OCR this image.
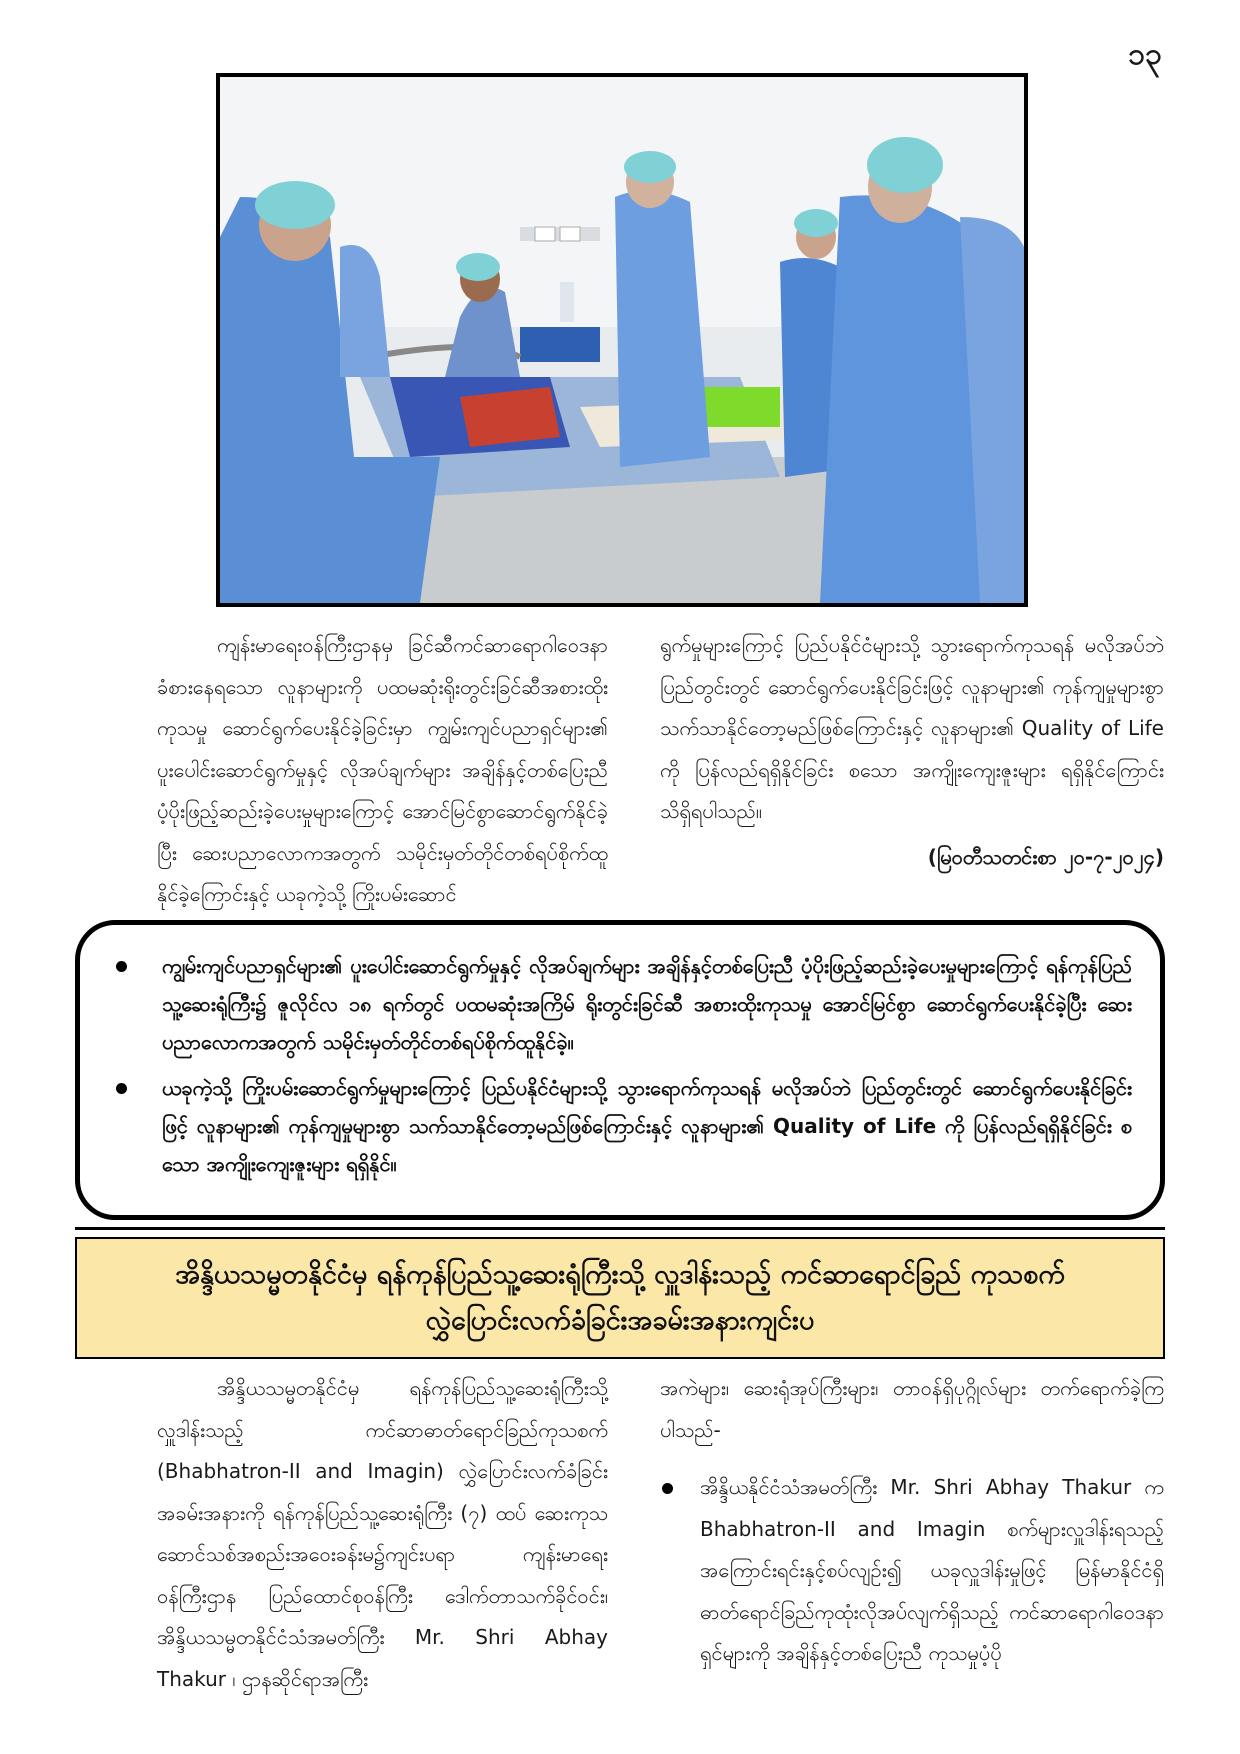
၁၃

ကျန်းမာရေးဝန်ကြီးဌာနမှ ခြင်ဆီကင်ဆာရောဂါဝေဒနာခံစားနေရသော လူနာများကို ပထမဆုံးရိုးတွင်းခြင်ဆီအစားထိုးကုသမှု ဆောင်ရွက်ပေးနိုင်ခဲ့ခြင်းမှာ ကျွမ်းကျင်ပညာရှင်များ၏ ပူးပေါင်းဆောင်ရွက်မှုနှင့် လိုအပ်ချက်များ အချိန်နှင့်တစ်ပြေးညီ ပံ့ပိုးဖြည့်ဆည်းခဲ့ပေးမှုများကြောင့် အောင်မြင်စွာဆောင်ရွက်နိုင်ခဲ့ပြီး ဆေးပညာလောကအတွက် သမိုင်းမှတ်တိုင်တစ်ရပ်စိုက်ထူနိုင်ခဲ့ကြောင်းနှင့် ယခုကဲ့သို့ ကြိုးပမ်းဆောင်

ရွက်မှုများကြောင့် ပြည်ပနိုင်ငံများသို့ သွားရောက်ကုသရန် မလိုအပ်ဘဲ ပြည်တွင်းတွင် ဆောင်ရွက်ပေးနိုင်ခြင်းဖြင့် လူနာများ၏ ကုန်ကျမှုများစွာ သက်သာနိုင်တော့မည်ဖြစ်ကြောင်းနှင့် လူနာများ၏ Quality of Life ကို ပြန်လည်ရရှိနိုင်ခြင်း စသော အကျိုးကျေးဇူးများ ရရှိနိုင်ကြောင်း သိရှိရပါသည်။

(မြဝတီသတင်းစာ ၂၀-၇-၂၀၂၄)

ကျွမ်းကျင်ပညာရှင်များ၏ ပူးပေါင်းဆောင်ရွက်မှုနှင့် လိုအပ်ချက်များ အချိန်နှင့်တစ်ပြေးညီ ပံ့ပိုးဖြည့်ဆည်းခဲ့ပေးမှုများကြောင့် ရန်ကုန်ပြည်သူ့ဆေးရုံကြီး၌ ဇူလိုင်လ ၁၈ ရက်တွင် ပထမဆုံးအကြိမ် ရိုးတွင်းခြင်ဆီ အစားထိုးကုသမှု အောင်မြင်စွာ ဆောင်ရွက်ပေးနိုင်ခဲ့ပြီး ဆေးပညာလောကအတွက် သမိုင်းမှတ်တိုင်တစ်ရပ်စိုက်ထူနိုင်ခဲ့။
ယခုကဲ့သို့ ကြိုးပမ်းဆောင်ရွက်မှုများကြောင့် ပြည်ပနိုင်ငံများသို့ သွားရောက်ကုသရန် မလိုအပ်ဘဲ ပြည်တွင်းတွင် ဆောင်ရွက်ပေးနိုင်ခြင်းဖြင့် လူနာများ၏ ကုန်ကျမှုများစွာ သက်သာနိုင်တော့မည်ဖြစ်ကြောင်းနှင့် လူနာများ၏ Quality of Life ကို ပြန်လည်ရရှိနိုင်ခြင်း စသော အကျိုးကျေးဇူးများ ရရှိနိုင်။
အိန္ဒိယသမ္မတနိုင်ငံမှ ရန်ကုန်ပြည်သူ့ဆေးရုံကြီးသို့ လှူဒါန်းသည့် ကင်ဆာရောင်ခြည် ကုသစက်လွှဲပြောင်းလက်ခံခြင်းအခမ်းအနားကျင်းပ

အိန္ဒိယသမ္မတနိုင်ငံမှ ရန်ကုန်ပြည်သူ့ဆေးရုံကြီးသို့ လှူဒါန်းသည့် ကင်ဆာဓာတ်ရောင်ခြည်ကုသစက် (Bhabhatron-II and Imagin) လွှဲပြောင်းလက်ခံခြင်းအခမ်းအနားကို ရန်ကုန်ပြည်သူ့ဆေးရုံကြီး (၇) ထပ် ဆေးကုသဆောင်သစ်အစည်းအဝေးခန်းမ၌ကျင်းပရာ ကျန်းမာရေးဝန်ကြီးဌာန ပြည်ထောင်စုဝန်ကြီး ဒေါက်တာသက်ခိုင်ဝင်း၊ အိန္ဒိယသမ္မတနိုင်ငံသံအမတ်ကြီး Mr. Shri Abhay Thakur ၊ ဌာနဆိုင်ရာအကြီး

အကဲများ၊ ဆေးရုံအုပ်ကြီးများ၊ တာဝန်ရှိပုဂ္ဂိုလ်များ တက်ရောက်ခဲ့ကြပါသည်-

အိန္ဒိယနိုင်ငံသံအမတ်ကြီး Mr. Shri Abhay Thakur က Bhabhatron-II and Imagin စက်များလှူဒါန်းရသည့် အကြောင်းရင်းနှင့်စပ်လျဉ်း၍ ယခုလှူဒါန်းမှုဖြင့် မြန်မာနိုင်ငံရှိ ဓာတ်ရောင်ခြည်ကုထုံးလိုအပ်လျက်ရှိသည့် ကင်ဆာရောဂါဝေဒနာရှင်များကို အချိန်နှင့်တစ်ပြေးညီ ကုသမှုပံ့ပို
